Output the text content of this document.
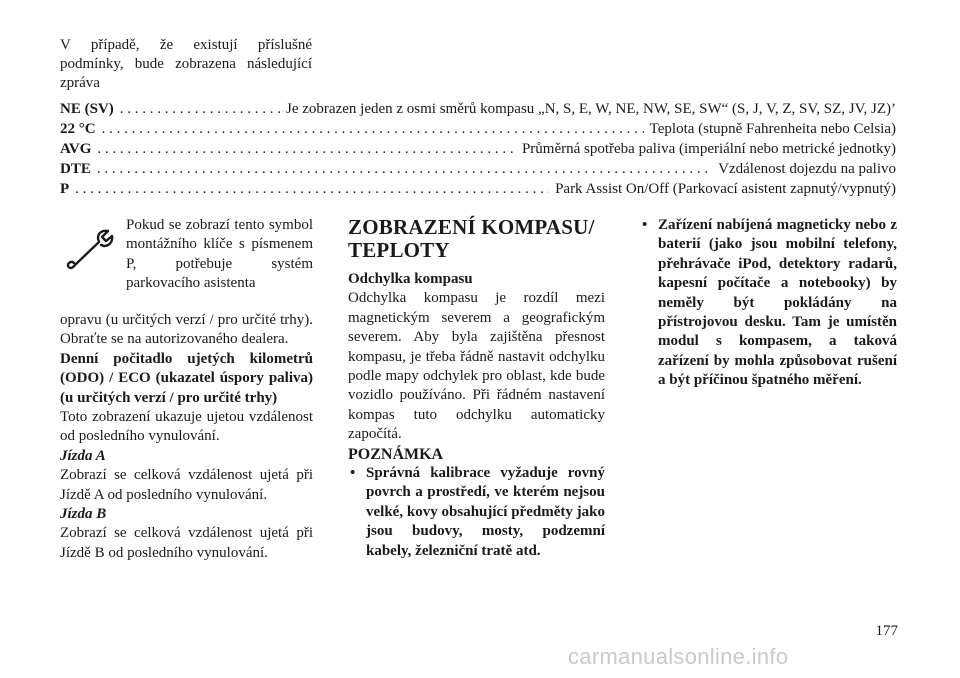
V případě, že existují příslušné podmínky, bude zobrazena následující zpráva

NE (SV) . . .	Je zobrazen jeden z osmi směrů kompasu „N, S, E, W, NE, NW, SE, SW“ (S, J, V, Z, SV, SZ, JV, JZ)’
22 °C . . .	Teplota (stupně Fahrenheita nebo Celsia)
AVG . . .	Průměrná spotřeba paliva (imperiální nebo metrické jednotky)
DTE . . .	Vzdálenost dojezdu na palivo
P . . .	Park Assist On/Off (Parkovací asistent zapnutý/vypnutý)

Pokud se zobrazí tento symbol montážního klíče s písmenem P, potřebuje systém parkovacího asistenta

opravu (u určitých verzí / pro určité trhy). Obraťte se na autorizovaného dealera.

Denní počitadlo ujetých kilometrů (ODO) / ECO (ukazatel úspory paliva) (u určitých verzí / pro určité trhy)

Toto zobrazení ukazuje ujetou vzdálenost od posledního vynulování.

Jízda A

Zobrazí se celková vzdálenost ujetá při Jízdě A od posledního vynulování.

Jízda B

Zobrazí se celková vzdálenost ujetá při Jízdě B od posledního vynulování.

ZOBRAZENÍ KOMPASU/ TEPLOTY

Odchylka kompasu

Odchylka kompasu je rozdíl mezi magnetickým severem a geografickým severem. Aby byla zajištěna přesnost kompasu, je třeba řádně nastavit odchylku podle mapy odchylek pro oblast, kde bude vozidlo používáno. Při řádném nastavení kompas tuto odchylku automaticky započítá.

POZNÁMKA

• Správná kalibrace vyžaduje rovný povrch a prostředí, ve kterém nejsou velké, kovy obsahující předměty jako jsou budovy, mosty, podzemní kabely, železniční tratě atd.
• Zařízení nabíjená magneticky nebo z baterií (jako jsou mobilní telefony, přehrávače iPod, detektory radarů, kapesní počítače a notebooky) by neměly být pokládány na přístrojovou desku. Tam je umístěn modul s kompasem, a taková zařízení by mohla způsobovat rušení a být příčinou špatného měření.
177
carmanualsonline.info
